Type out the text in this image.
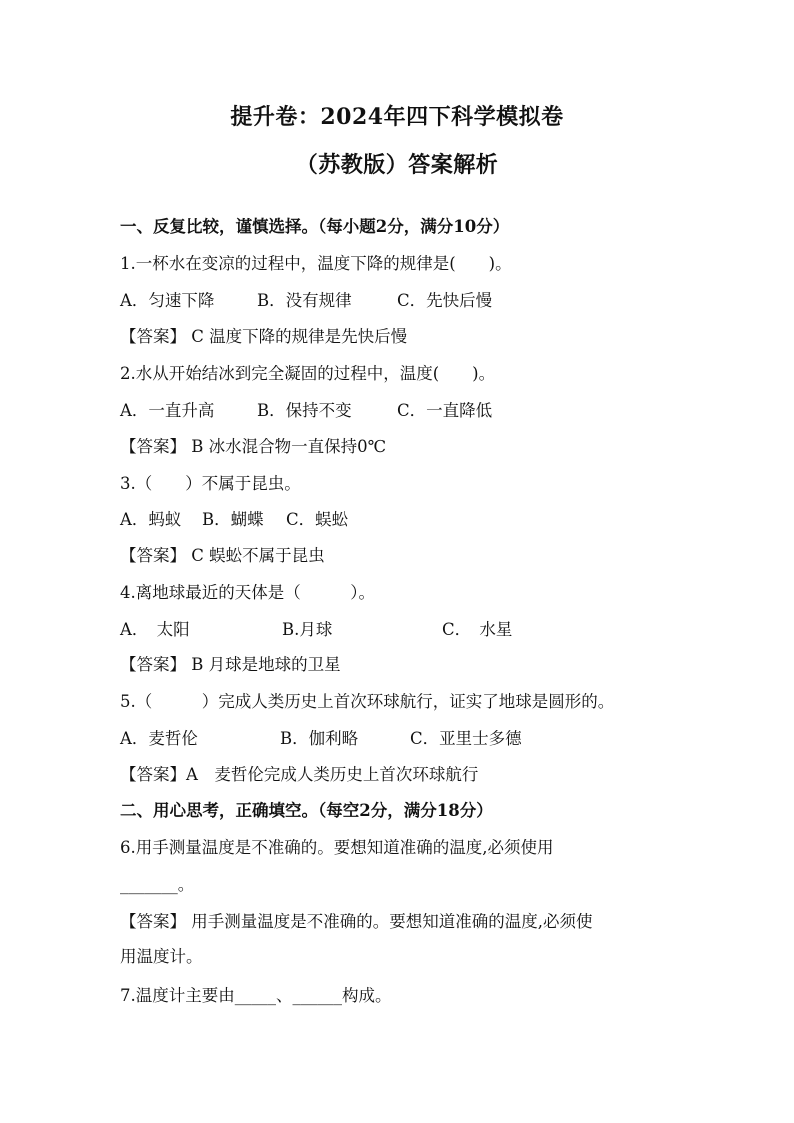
提升卷：2024年四下科学模拟卷
（苏教版）答案解析
一、反复比较，谨慎选择。（每小题2分，满分10分）
1.一杯水在变凉的过程中，温度下降的规律是(　　)。
A．匀速下降	B．没有规律	C．先快后慢
【答案】 C 温度下降的规律是先快后慢
2.水从开始结冰到完全凝固的过程中，温度(　　)。
A．一直升高	B．保持不变	C．一直降低
【答案】 B 冰水混合物一直保持0℃
3.（　　）不属于昆虫。
A．蚂蚁 B．蝴蝶 C．蜈蚣
【答案】 C 蜈蚣不属于昆虫
4.离地球最近的天体是（　　　）。
A．　太阳	B.月球	C．　水星
【答案】 B 月球是地球的卫星
5.（　　　）完成人类历史上首次环球航行，证实了地球是圆形的。
A．麦哲伦	B．伽利略	C．亚里士多德
【答案】A　麦哲伦完成人类历史上首次环球航行
二、用心思考，正确填空。（每空2分，满分18分）
6.用手测量温度是不准确的。要想知道准确的温度,必须使用
_______。
【答案】 用手测量温度是不准确的。要想知道准确的温度,必须使
用温度计。
7.温度计主要由_____、______构成。
